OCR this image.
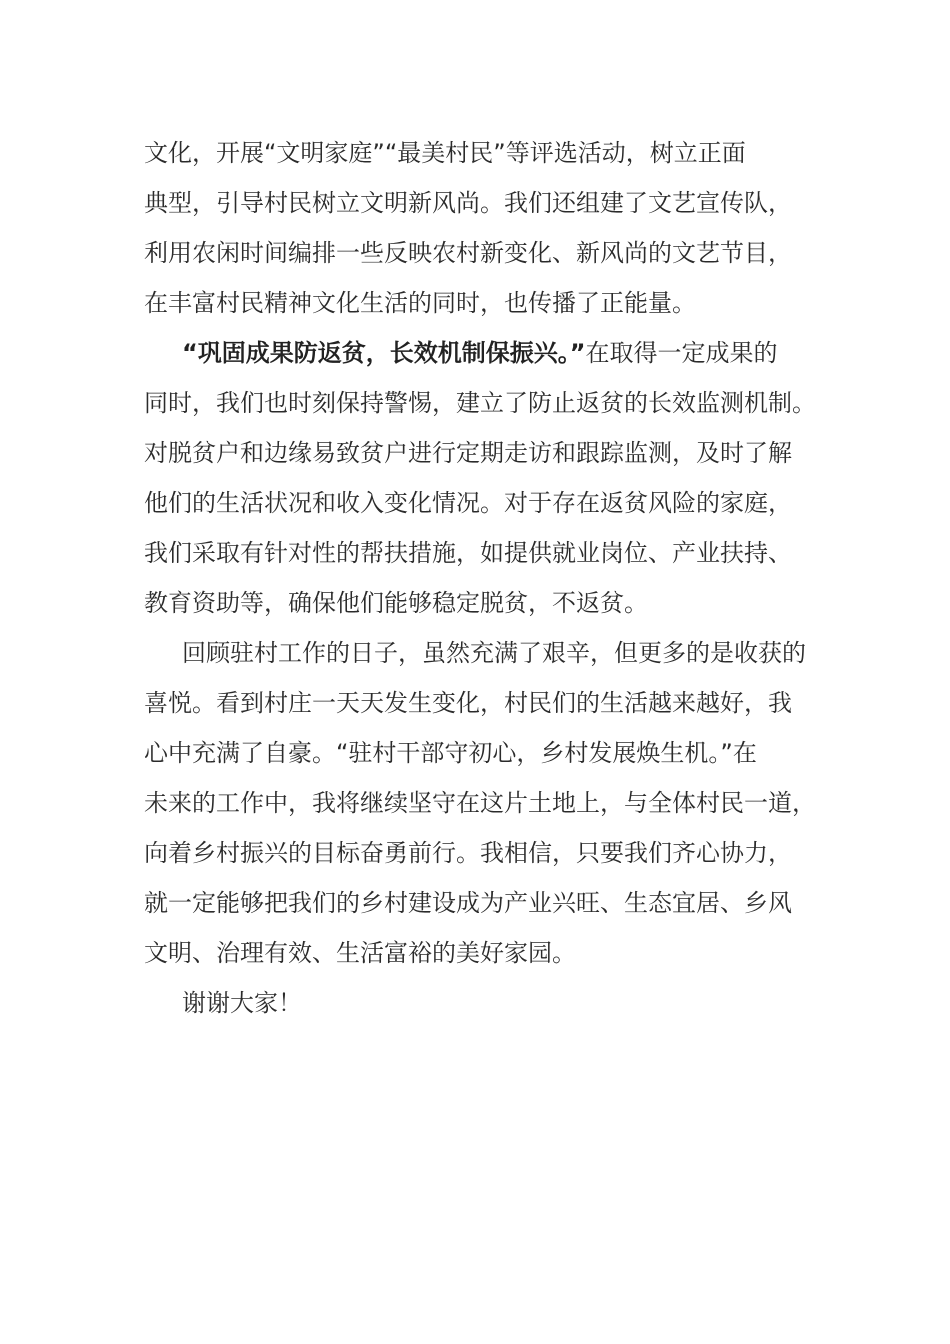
文化，开展“文明家庭”“最美村民”等评选活动，树立正面
典型，引导村民树立文明新风尚。我们还组建了文艺宣传队，
利用农闲时间编排一些反映农村新变化、新风尚的文艺节目，
在丰富村民精神文化生活的同时，也传播了正能量。
“巩固成果防返贫，长效机制保振兴。”在取得一定成果的
同时，我们也时刻保持警惕，建立了防止返贫的长效监测机制。
对脱贫户和边缘易致贫户进行定期走访和跟踪监测，及时了解
他们的生活状况和收入变化情况。对于存在返贫风险的家庭，
我们采取有针对性的帮扶措施，如提供就业岗位、产业扶持、
教育资助等，确保他们能够稳定脱贫，不返贫。
回顾驻村工作的日子，虽然充满了艰辛，但更多的是收获的
喜悦。看到村庄一天天发生变化，村民们的生活越来越好，我
心中充满了自豪。“驻村干部守初心，乡村发展焕生机。”在
未来的工作中，我将继续坚守在这片土地上，与全体村民一道，
向着乡村振兴的目标奋勇前行。我相信，只要我们齐心协力，
就一定能够把我们的乡村建设成为产业兴旺、生态宜居、乡风
文明、治理有效、生活富裕的美好家园。
谢谢大家！
